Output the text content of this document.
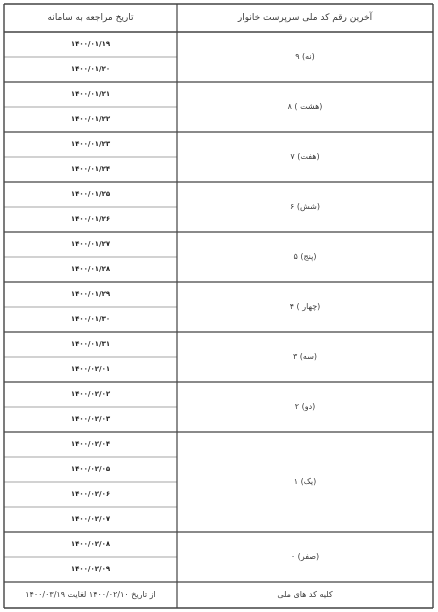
آخرین رقم کد ملی سرپرست خانوار
تاریخ مراجعه به سامانه
کلیه کد های ملی
از تاریخ ۱۴۰۰/۰۲/۱۰ لغایت ۱۴۰۰/۰۳/۱۹
۹ (نه)
۱۴۰۰/۰۱/۱۹
۱۴۰۰/۰۱/۲۰
۸ ( هشت)
۱۴۰۰/۰۱/۲۱
۱۴۰۰/۰۱/۲۲
۷ (هفت)
۱۴۰۰/۰۱/۲۳
۱۴۰۰/۰۱/۲۴
۶ (شش)
۱۴۰۰/۰۱/۲۵
۱۴۰۰/۰۱/۲۶
۵ (پنج)
۱۴۰۰/۰۱/۲۷
۱۴۰۰/۰۱/۲۸
۴ ( چهار)
۱۴۰۰/۰۱/۲۹
۱۴۰۰/۰۱/۳۰
۳ (سه)
۱۴۰۰/۰۱/۳۱
۱۴۰۰/۰۲/۰۱
۲ (دو)
۱۴۰۰/۰۲/۰۲
۱۴۰۰/۰۲/۰۳
۱ (یک)
۱۴۰۰/۰۲/۰۴
۱۴۰۰/۰۲/۰۵
۱۴۰۰/۰۲/۰۶
۱۴۰۰/۰۲/۰۷
۰ (صفر)
۱۴۰۰/۰۲/۰۸
۱۴۰۰/۰۲/۰۹
